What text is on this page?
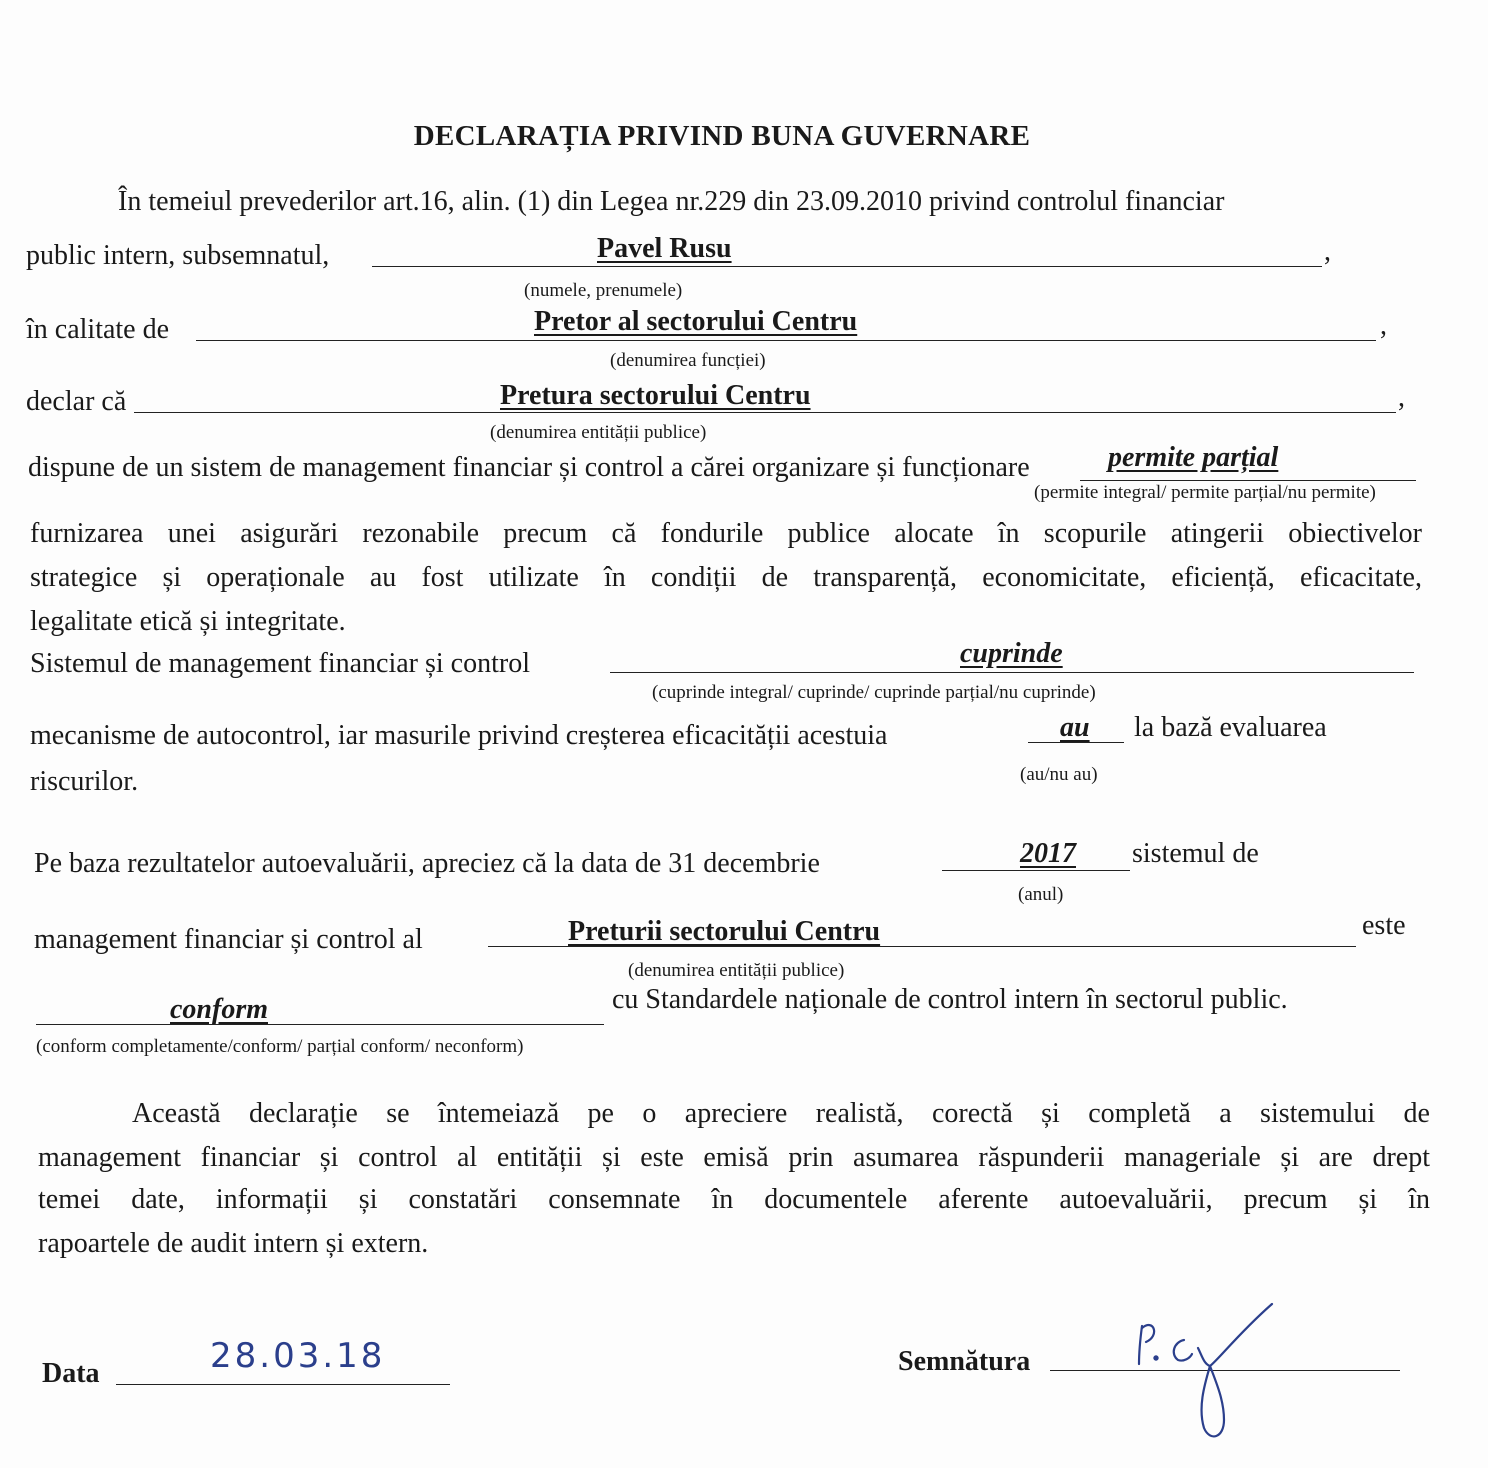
DECLARAȚIA PRIVIND BUNA GUVERNARE
În temeiul prevederilor art.16, alin. (1) din Legea nr.229 din 23.09.2010 privind controlul financiar
public intern, subsemnatul,	Pavel Rusu	,
(numele, prenumele)
în calitate de	Pretor al sectorului Centru	,
(denumirea funcției)
declar că	Pretura sectorului Centru	,
(denumirea entității publice)
dispune de un sistem de management financiar și control a cărei organizare și funcționare	permite parțial
(permite integral/ permite parțial/nu permite)
furnizarea unei asigurări rezonabile precum că fondurile publice alocate în scopurile atingerii obiectivelor
strategice și operaționale au fost utilizate în condiții de transparență, economicitate, eficiență, eficacitate,
legalitate etică și integritate.
Sistemul de management financiar și control	cuprinde
(cuprinde integral/ cuprinde/ cuprinde parțial/nu cuprinde)
mecanisme de autocontrol, iar masurile privind creșterea eficacității acestuia	au la bază evaluarea
(au/nu au)
riscurilor.
Pe baza rezultatelor autoevaluării, apreciez că la data de 31 decembrie	2017 sistemul de
(anul)
management financiar și control al	Preturii sectorului Centru	este
(denumirea entității publice)
conform	cu Standardele naționale de control intern în sectorul public.
(conform completamente/conform/ parțial conform/ neconform)
Această declarație se întemeiază pe o apreciere realistă, corectă și completă a sistemului de
management financiar și control al entității și este emisă prin asumarea răspunderii manageriale și are drept
temei date, informații și constatări consemnate în documentele aferente autoevaluării, precum și în
rapoartele de audit intern și extern.
Data	28.03.18	Semnătura
